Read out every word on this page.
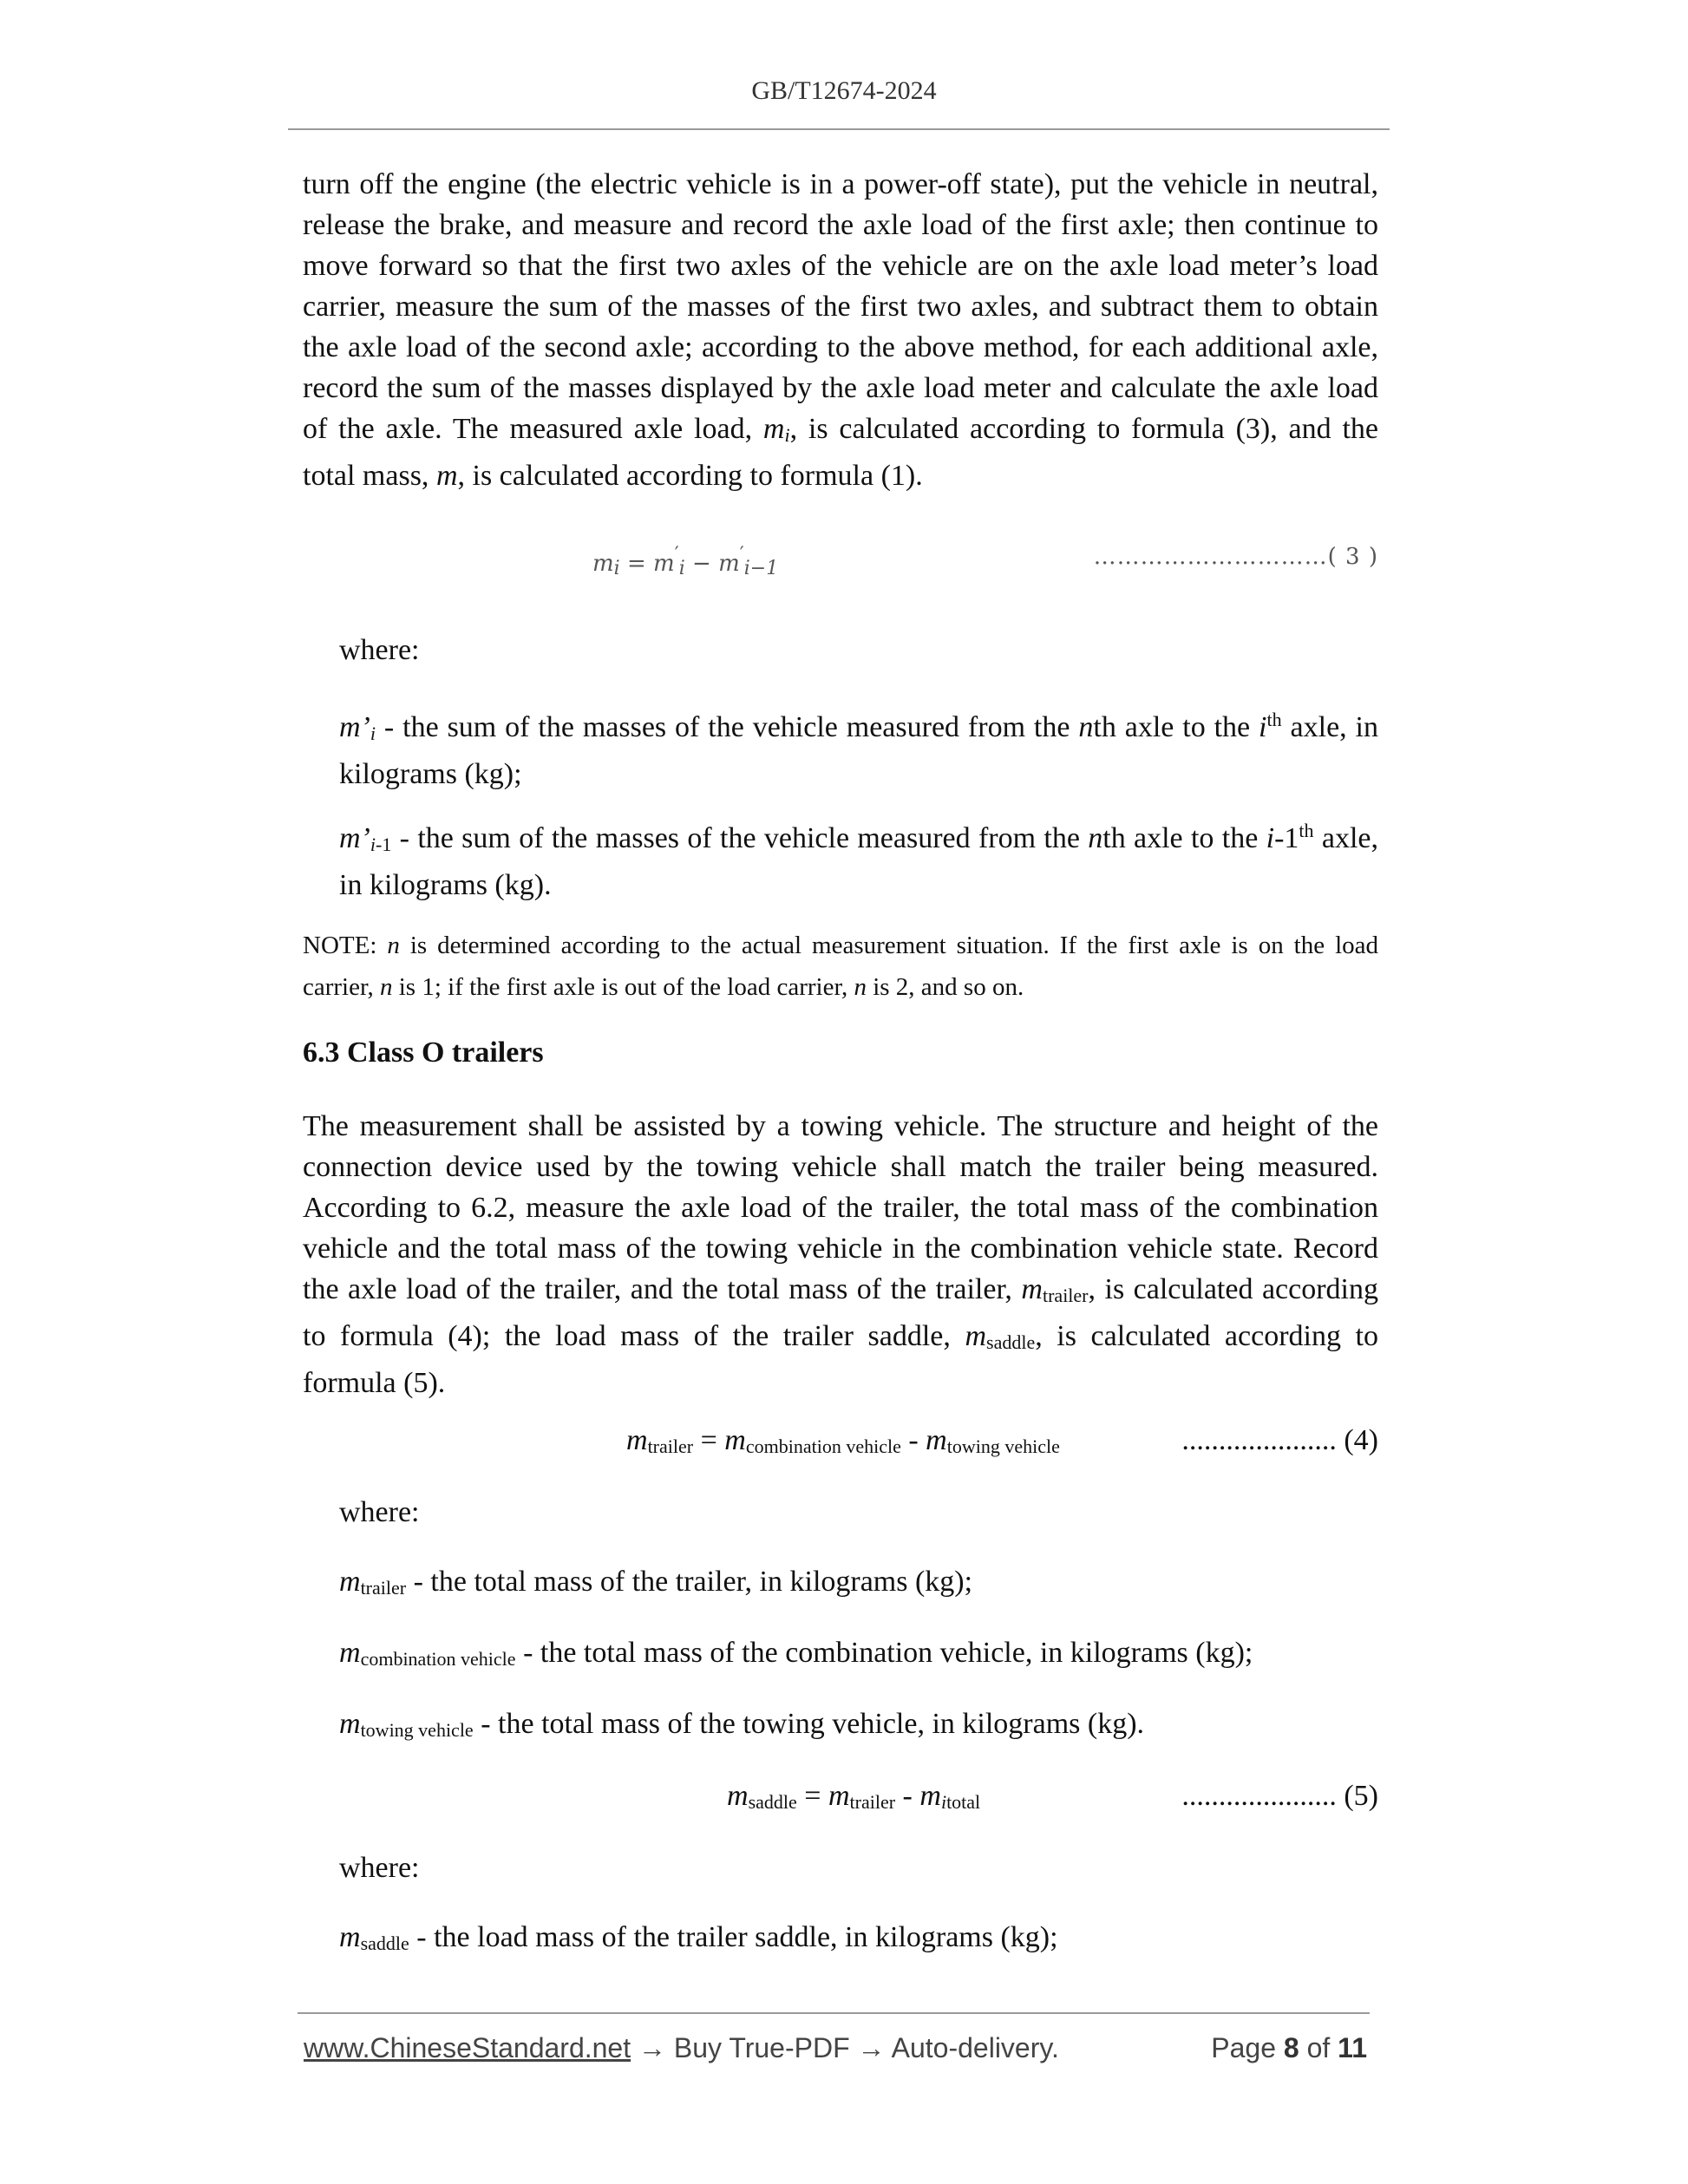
GB/T12674-2024

turn off the engine (the electric vehicle is in a power-off state), put the vehicle in neutral, release the brake, and measure and record the axle load of the first axle; then continue to move forward so that the first two axles of the vehicle are on the axle load meter’s load carrier, measure the sum of the masses of the first two axles, and subtract them to obtain the axle load of the second axle; according to the above method, for each additional axle, record the sum of the masses displayed by the axle load meter and calculate the axle load of the axle. The measured axle load, $m_i$, is calculated according to formula (3), and the total mass, m, is calculated according to formula (1).

$m_i = m'_i - m'_{i-1}$	…………………………( 3 )
where:

$m’_i$ - the sum of the masses of the vehicle measured from the nth axle to the $i^{th}$ axle, in kilograms (kg);

$m’_{i-1}$ - the sum of the masses of the vehicle measured from the nth axle to the i-1th axle, in kilograms (kg).

NOTE: n is determined according to the actual measurement situation. If the first axle is on the load carrier, n is 1; if the first axle is out of the load carrier, n is 2, and so on.

6.3 Class O trailers

The measurement shall be assisted by a towing vehicle. The structure and height of the connection device used by the towing vehicle shall match the trailer being measured. According to 6.2, measure the axle load of the trailer, the total mass of the combination vehicle and the total mass of the towing vehicle in the combination vehicle state. Record the axle load of the trailer, and the total mass of the trailer, $m_{trailer}$, is calculated according to formula (4); the load mass of the trailer saddle, $m_{saddle}$, is calculated according to formula (5).

$m_{trailer} = m_{combination vehicle} - m_{towing vehicle}$	..................... (4)
where:

$m_{trailer}$ - the total mass of the trailer, in kilograms (kg);

$m_{combination vehicle}$ - the total mass of the combination vehicle, in kilograms (kg);

$m_{towing vehicle}$ - the total mass of the towing vehicle, in kilograms (kg).

$m_{saddle} = m_{trailer} - m_{itotal}$	..................... (5)
where:

$m_{saddle}$ - the load mass of the trailer saddle, in kilograms (kg);

www.ChineseStandard.net → Buy True-PDF → Auto-delivery.	Page 8 of 11
